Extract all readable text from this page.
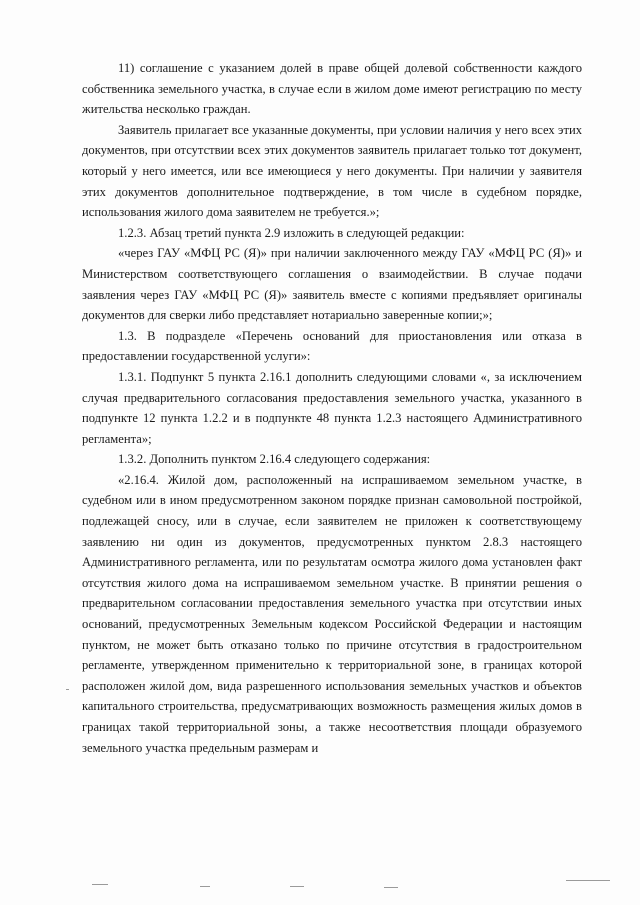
11) соглашение с указанием долей в праве общей долевой собственности каждого собственника земельного участка, в случае если в жилом доме имеют регистрацию по месту жительства несколько граждан.

Заявитель прилагает все указанные документы, при условии наличия у него всех этих документов, при отсутствии всех этих документов заявитель прилагает только тот документ, который у него имеется, или все имеющиеся у него документы. При наличии у заявителя этих документов дополнительное подтверждение, в том числе в судебном порядке, использования жилого дома заявителем не требуется.»;

1.2.3. Абзац третий пункта 2.9 изложить в следующей редакции:

«через ГАУ «МФЦ РС (Я)» при наличии заключенного между ГАУ «МФЦ РС (Я)» и Министерством соответствующего соглашения о взаимодействии. В случае подачи заявления через ГАУ «МФЦ РС (Я)» заявитель вместе с копиями предъявляет оригиналы документов для сверки либо представляет нотариально заверенные копии;»;

1.3. В подразделе «Перечень оснований для приостановления или отказа в предоставлении государственной услуги»:

1.3.1. Подпункт 5 пункта 2.16.1 дополнить следующими словами «, за исключением случая предварительного согласования предоставления земельного участка, указанного в подпункте 12 пункта 1.2.2 и в подпункте 48 пункта 1.2.3 настоящего Административного регламента»;

1.3.2. Дополнить пунктом 2.16.4 следующего содержания:

«2.16.4. Жилой дом, расположенный на испрашиваемом земельном участке, в судебном или в ином предусмотренном законом порядке признан самовольной постройкой, подлежащей сносу, или в случае, если заявителем не приложен к соответствующему заявлению ни один из документов, предусмотренных пунктом 2.8.3 настоящего Административного регламента, или по результатам осмотра жилого дома установлен факт отсутствия жилого дома на испрашиваемом земельном участке. В принятии решения о предварительном согласовании предоставления земельного участка при отсутствии иных оснований, предусмотренных Земельным кодексом Российской Федерации и настоящим пунктом, не может быть отказано только по причине отсутствия в градостроительном регламенте, утвержденном применительно к территориальной зоне, в границах которой расположен жилой дом, вида разрешенного использования земельных участков и объектов капитального строительства, предусматривающих возможность размещения жилых домов в границах такой территориальной зоны, а также несоответствия площади образуемого земельного участка предельным размерам и
